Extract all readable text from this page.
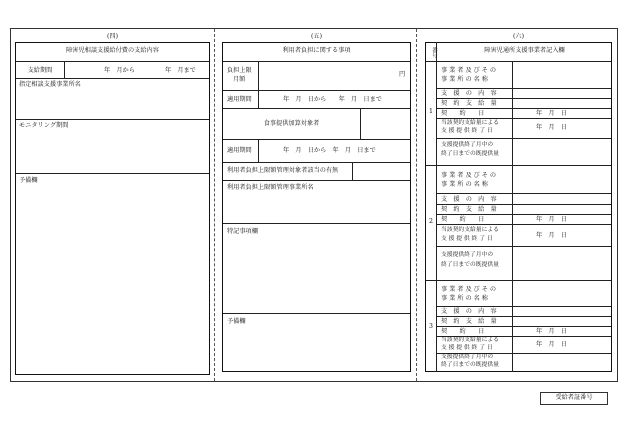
(四)
障害児相談支援給付費の支給内容
支給期間	年　月から	年　月まで
指定相談支援事業所名
モニタリング期間
予備欄
(五)
利用者負担に関する事項
負担上限
月額
円
適用期間	年　月　日から　　年　月　日まで
食事提供加算対象者
適用期間	年　月　日から　年　月　日まで
利用者負担上限額管理対象者該当の有無
利用者負担上限額管理事業所名
特記事項欄
予備欄
(六)
番号	障害児通所支援事業者記入欄
1
事 業 者 及 び そ の
事 業 所 の 名 称
支　援　の　内　容
契　約　支　給　量
契　　約　　日	年　月　日
当該契約支給量による
支 援 提 供 終 了 日	年　月　日
支援提供終了月中の
終了日までの既提供量
2
事 業 者 及 び そ の
事 業 所 の 名 称
支　援　の　内　容
契　約　支　給　量
契　　約　　日	年　月　日
当該契約支給量による
支 援 提 供 終 了 日	年　月　日
支援提供終了月中の
終了日までの既提供量
3
事 業 者 及 び そ の
事 業 所 の 名 称
支　援　の　内　容
契　約　支　給　量
契　　約　　日	年　月　日
当該契約支給量による
支 援 提 供 終 了 日	年　月　日
支援提供終了月中の
終了日までの既提供量
受給者証番号
